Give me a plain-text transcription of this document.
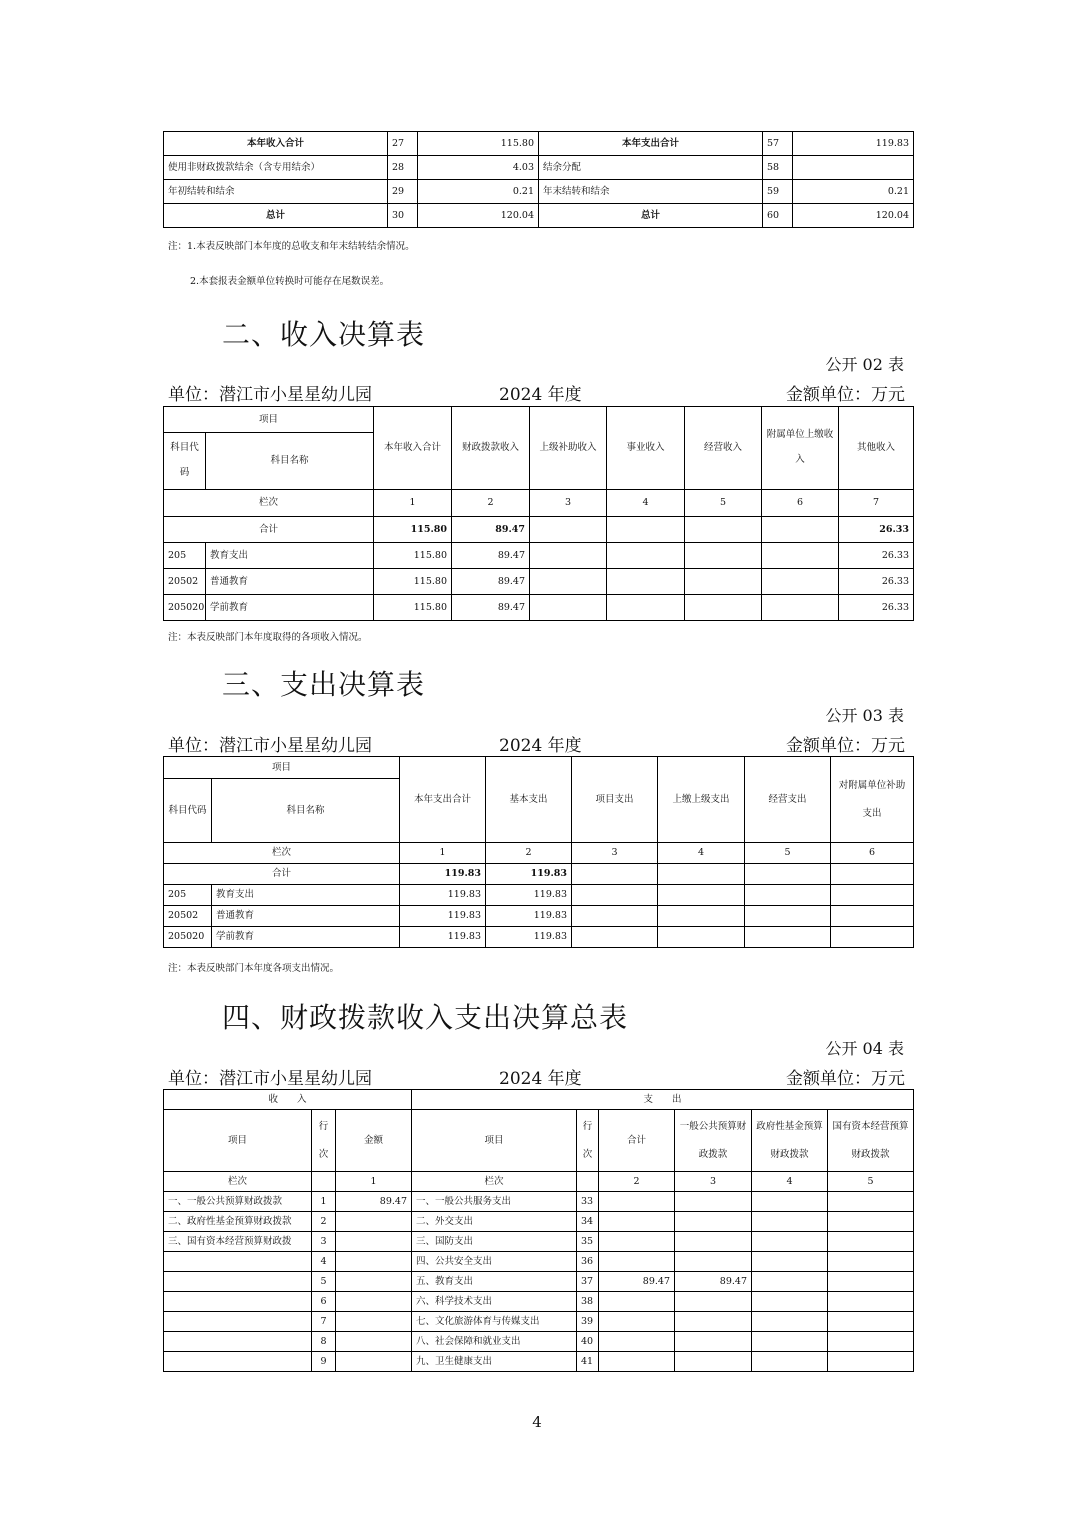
本年收入合计	27	115.80	本年支出合计	57	119.83
使用非财政拨款结余（含专用结余）	28	4.03	结余分配	58	
年初结转和结余	29	0.21	年末结转和结余	59	0.21
总计	30	120.04	总计	60	120.04
注：1.本表反映部门本年度的总收支和年末结转结余情况。
2.本套报表金额单位转换时可能存在尾数误差。
二、收入决算表
公开 02 表
单位：潜江市小星星幼儿园	2024 年度	金额单位：万元
项目		本年收入合计	财政拨款收入	上级补助收入	事业收入	经营收入	附属单位上缴收入	其他收入
科目代码	科目名称							
栏次		1	2	3	4	5	6	7
合计		115.80	89.47					26.33
205	教育支出	115.80	89.47					26.33
20502	普通教育	115.80	89.47					26.33
205020	学前教育	115.80	89.47					26.33
注：本表反映部门本年度取得的各项收入情况。
三、支出决算表
公开 03 表
单位：潜江市小星星幼儿园	2024 年度	金额单位：万元
项目		本年支出合计	基本支出	项目支出	上缴上级支出	经营支出	对附属单位补助支出
科目代码	科目名称						
栏次		1	2	3	4	5	6
合计		119.83	119.83				
205	教育支出	119.83	119.83				
20502	普通教育	119.83	119.83				
205020	学前教育	119.83	119.83				
注：本表反映部门本年度各项支出情况。
四、财政拨款收入支出决算总表
公开 04 表
单位：潜江市小星星幼儿园	2024 年度	金额单位：万元
收　　入			支　　出					
项目	行次	金额	项目	行次	合计	一般公共预算财政拨款	政府性基金预算财政拨款	国有资本经营预算财政拨款
栏次		1	栏次		2	3	4	5
一、一般公共预算财政拨款	1	89.47	一、一般公共服务支出	33				
二、政府性基金预算财政拨款	2		二、外交支出	34				
三、国有资本经营预算财政拨	3		三、国防支出	35				
	4		四、公共安全支出	36				
	5		五、教育支出	37	89.47	89.47		
	6		六、科学技术支出	38				
	7		七、文化旅游体育与传媒支出	39				
	8		八、社会保障和就业支出	40				
	9		九、卫生健康支出	41				
4
